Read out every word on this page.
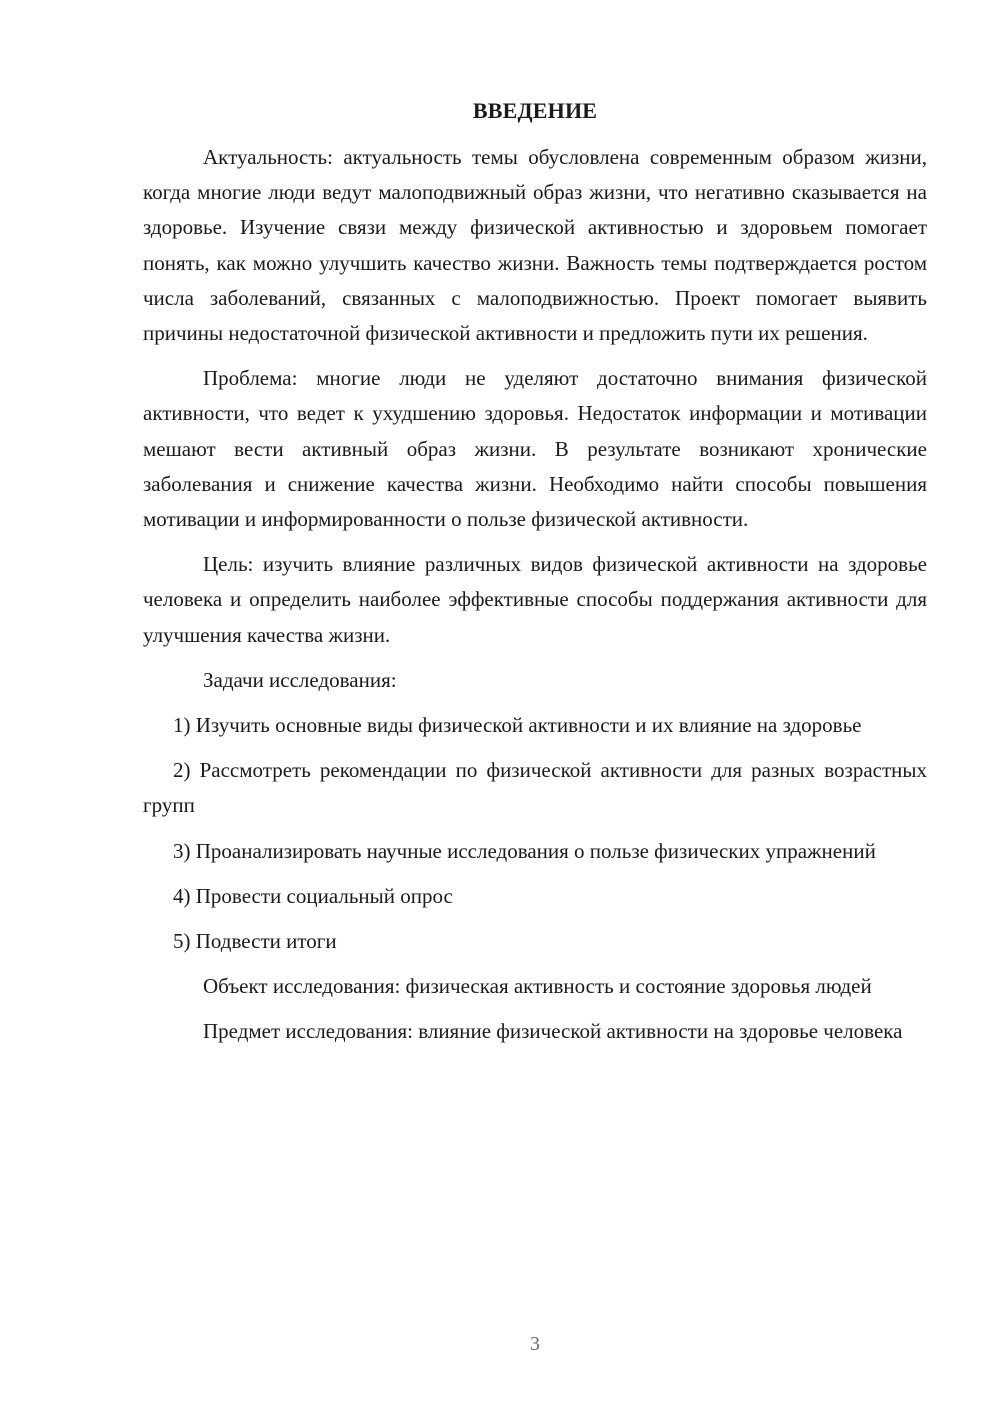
ВВЕДЕНИЕ

Актуальность: актуальность темы обусловлена современным образом жизни, когда многие люди ведут малоподвижный образ жизни, что негативно сказывается на здоровье. Изучение связи между физической активностью и здоровьем помогает понять, как можно улучшить качество жизни. Важность темы подтверждается ростом числа заболеваний, связанных с малоподвижностью. Проект помогает выявить причины недостаточной физической активности и предложить пути их решения.

Проблема: многие люди не уделяют достаточно внимания физической активности, что ведет к ухудшению здоровья. Недостаток информации и мотивации мешают вести активный образ жизни. В результате возникают хронические заболевания и снижение качества жизни. Необходимо найти способы повышения мотивации и информированности о пользе физической активности.

Цель: изучить влияние различных видов физической активности на здоровье человека и определить наиболее эффективные способы поддержания активности для улучшения качества жизни.

Задачи исследования:

1) Изучить основные виды физической активности и их влияние на здоровье

2) Рассмотреть рекомендации по физической активности для разных возрастных групп

3) Проанализировать научные исследования о пользе физических упражнений

4) Провести социальный опрос

5) Подвести итоги

Объект исследования: физическая активность и состояние здоровья людей

Предмет исследования: влияние физической активности на здоровье человека

3
